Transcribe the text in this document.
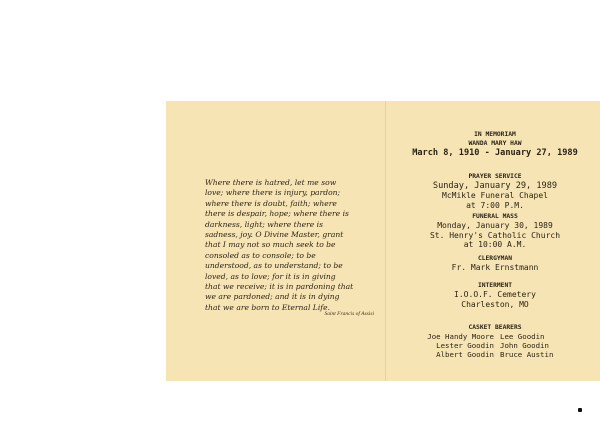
Where there is hatred, let me sow
love; where there is injury, pardon;
where there is doubt, faith; where
there is despair, hope; where there is
darkness, light; where there is
sadness, joy. O Divine Master, grant
that I may not so much seek to be
consoled as to console; to be
understood, as to understand; to be
loved, as to love; for it is in giving
that we receive; it is in pardoning that
we are pardoned; and it is in dying
that we are born to Eternal Life.
Saint Francis of Assisi
IN MEMORIAM
WANDA MARY HAW
March 8, 1910 - January 27, 1989
PRAYER SERVICE
Sunday, January 29, 1989
McMikle Funeral Chapel
at 7:00 P.M.
FUNERAL MASS
Monday, January 30, 1989
St. Henry's Catholic Church
at 10:00 A.M.
CLERGYMAN
Fr. Mark Ernstmann
INTERMENT
I.O.O.F. Cemetery
Charleston, MO
CASKET BEARERS
Joe Handy Moore Lee Goodin
Lester Goodin John Goodin
Albert Goodin Bruce Austin
